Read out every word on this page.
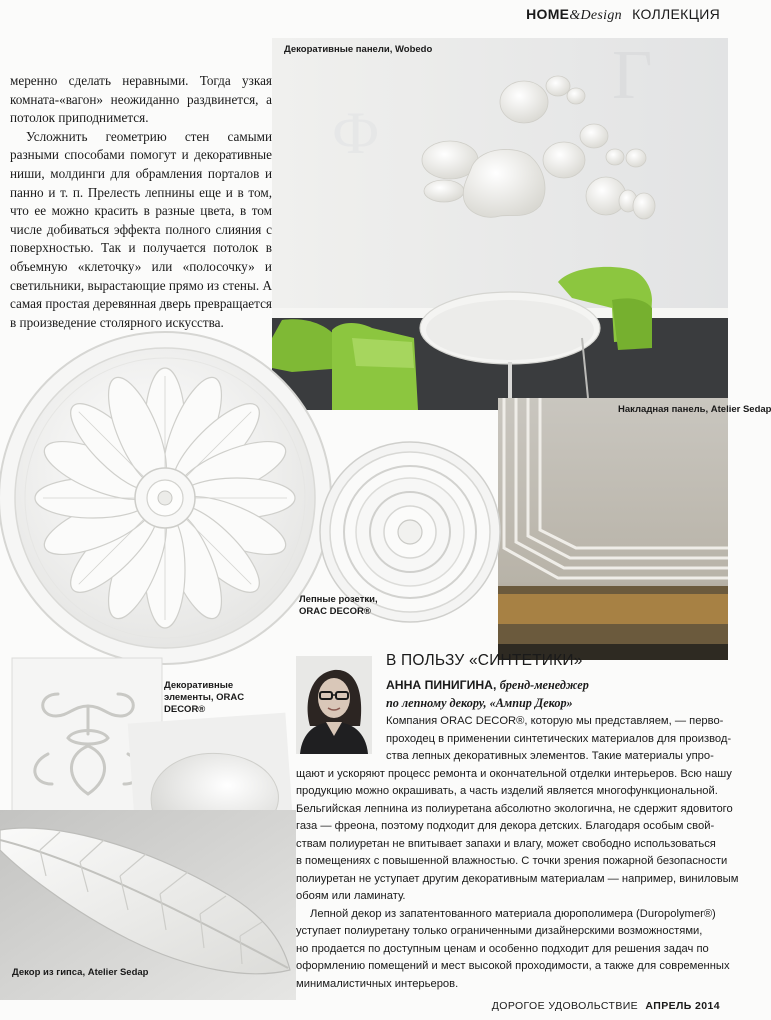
HOME&Design КОЛЛЕКЦИЯ

меренно сделать неравными. Тогда узкая комната-«вагон» неожиданно раздвинется, а потолок приподнимется.

Усложнить геометрию стен самыми разными способами помогут и декоративные ниши, молдинги для обрамления порталов и панно и т. п. Прелесть лепнины еще и в том, что ее можно красить в разные цвета, в том числе добиваться эффекта полного слияния с поверхностью. Так и получается потолок в объемную «клеточку» или «полосочку» и светильники, вырастающие прямо из стены. А самая простая деревянная дверь превращается в произведение столярного искусства.

Г
Ф
Декоративные панели, Wobedo
Накладная панель, Atelier Sedap
Лепные розетки,
ORAC DECOR®
Декоративные
элементы, ORAC
DECOR®
Декор из гипса, Atelier Sedap
В ПОЛЬЗУ «СИНТЕТИКИ»
АННА ПИНИГИНА, бренд-менеджер
по лепному декору, «Ампир Декор»

Компания ORAC DECOR®, которую мы представляем, — перво-
проходец в применении синтетических материалов для производ-
ства лепных декоративных элементов. Такие материалы упро-
щают и ускоряют процесс ремонта и окончательной отделки интерьеров. Всю нашу
продукцию можно окрашивать, а часть изделий является многофункциональной.
Бельгийская лепнина из полиуретана абсолютно экологична, не сдержит ядовитого
газа — фреона, поэтому подходит для декора детских. Благодаря особым свой-
ствам полиуретан не впитывает запахи и влагу, может свободно использоваться
в помещениях с повышенной влажностью. С точки зрения пожарной безопасности
полиуретан не уступает другим декоративным материалам — например, виниловым
обоям или ламинату.

Лепной декор из запатентованного материала дюрополимера (Duropolymer®)
уступает полиуретану только ограниченными дизайнерскими возможностями,
но продается по доступным ценам и особенно подходит для решения задач по
оформлению помещений и мест высокой проходимости, а также для современных
минималистичных интерьеров.

ДОРОГОЕ УДОВОЛЬСТВИЕ АПРЕЛЬ 2014
